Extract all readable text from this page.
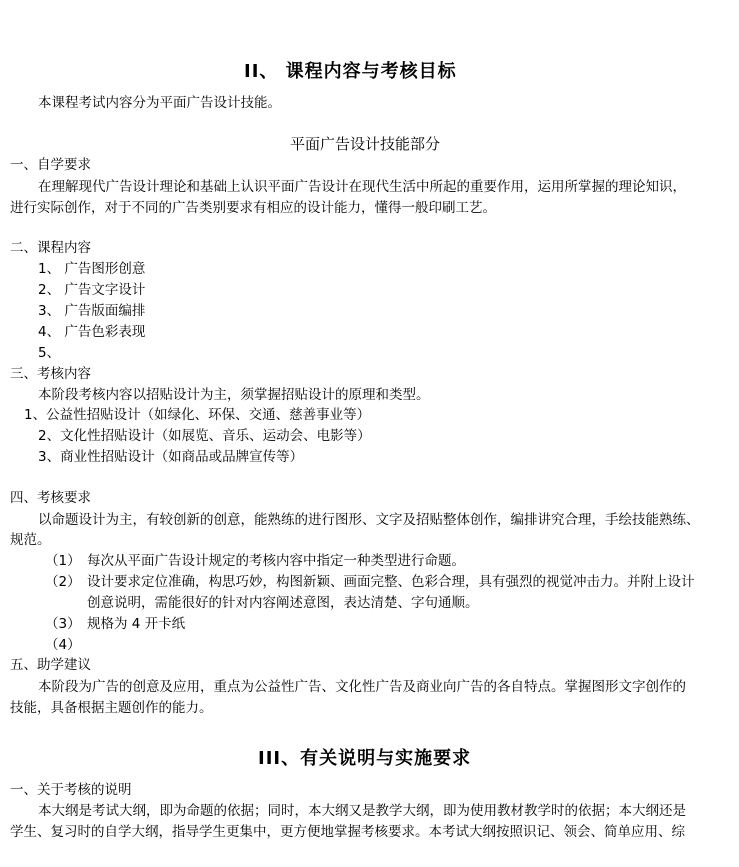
II、 课程内容与考核目标
本课程考试内容分为平面广告设计技能。
平面广告设计技能部分
一、自学要求
在理解现代广告设计理论和基础上认识平面广告设计在现代生活中所起的重要作用，运用所掌握的理论知识，
进行实际创作，对于不同的广告类别要求有相应的设计能力，懂得一般印刷工艺。
二、课程内容
1、 广告图形创意
2、 广告文字设计
3、 广告版面编排
4、 广告色彩表现
5、
三、考核内容
本阶段考核内容以招贴设计为主，须掌握招贴设计的原理和类型。
1、公益性招贴设计（如绿化、环保、交通、慈善事业等）
2、文化性招贴设计（如展览、音乐、运动会、电影等）
3、商业性招贴设计（如商品或品牌宣传等）
四、考核要求
以命题设计为主，有较创新的创意，能熟练的进行图形、文字及招贴整体创作，编排讲究合理，手绘技能熟练、
规范。
（1） 每次从平面广告设计规定的考核内容中指定一种类型进行命题。
（2） 设计要求定位准确，构思巧妙，构图新颖、画面完整、色彩合理，具有强烈的视觉冲击力。并附上设计
创意说明，需能很好的针对内容阐述意图，表达清楚、字句通顺。
（3） 规格为 4 开卡纸
（4）
五、助学建议
本阶段为广告的创意及应用，重点为公益性广告、文化性广告及商业向广告的各自特点。掌握图形文字创作的
技能，具备根据主题创作的能力。
III、有关说明与实施要求
一、关于考核的说明
本大纲是考试大纲，即为命题的依据；同时，本大纲又是教学大纲，即为使用教材教学时的依据；本大纲还是
学生、复习时的自学大纲，指导学生更集中，更方便地掌握考核要求。本考试大纲按照识记、领会、简单应用、综
